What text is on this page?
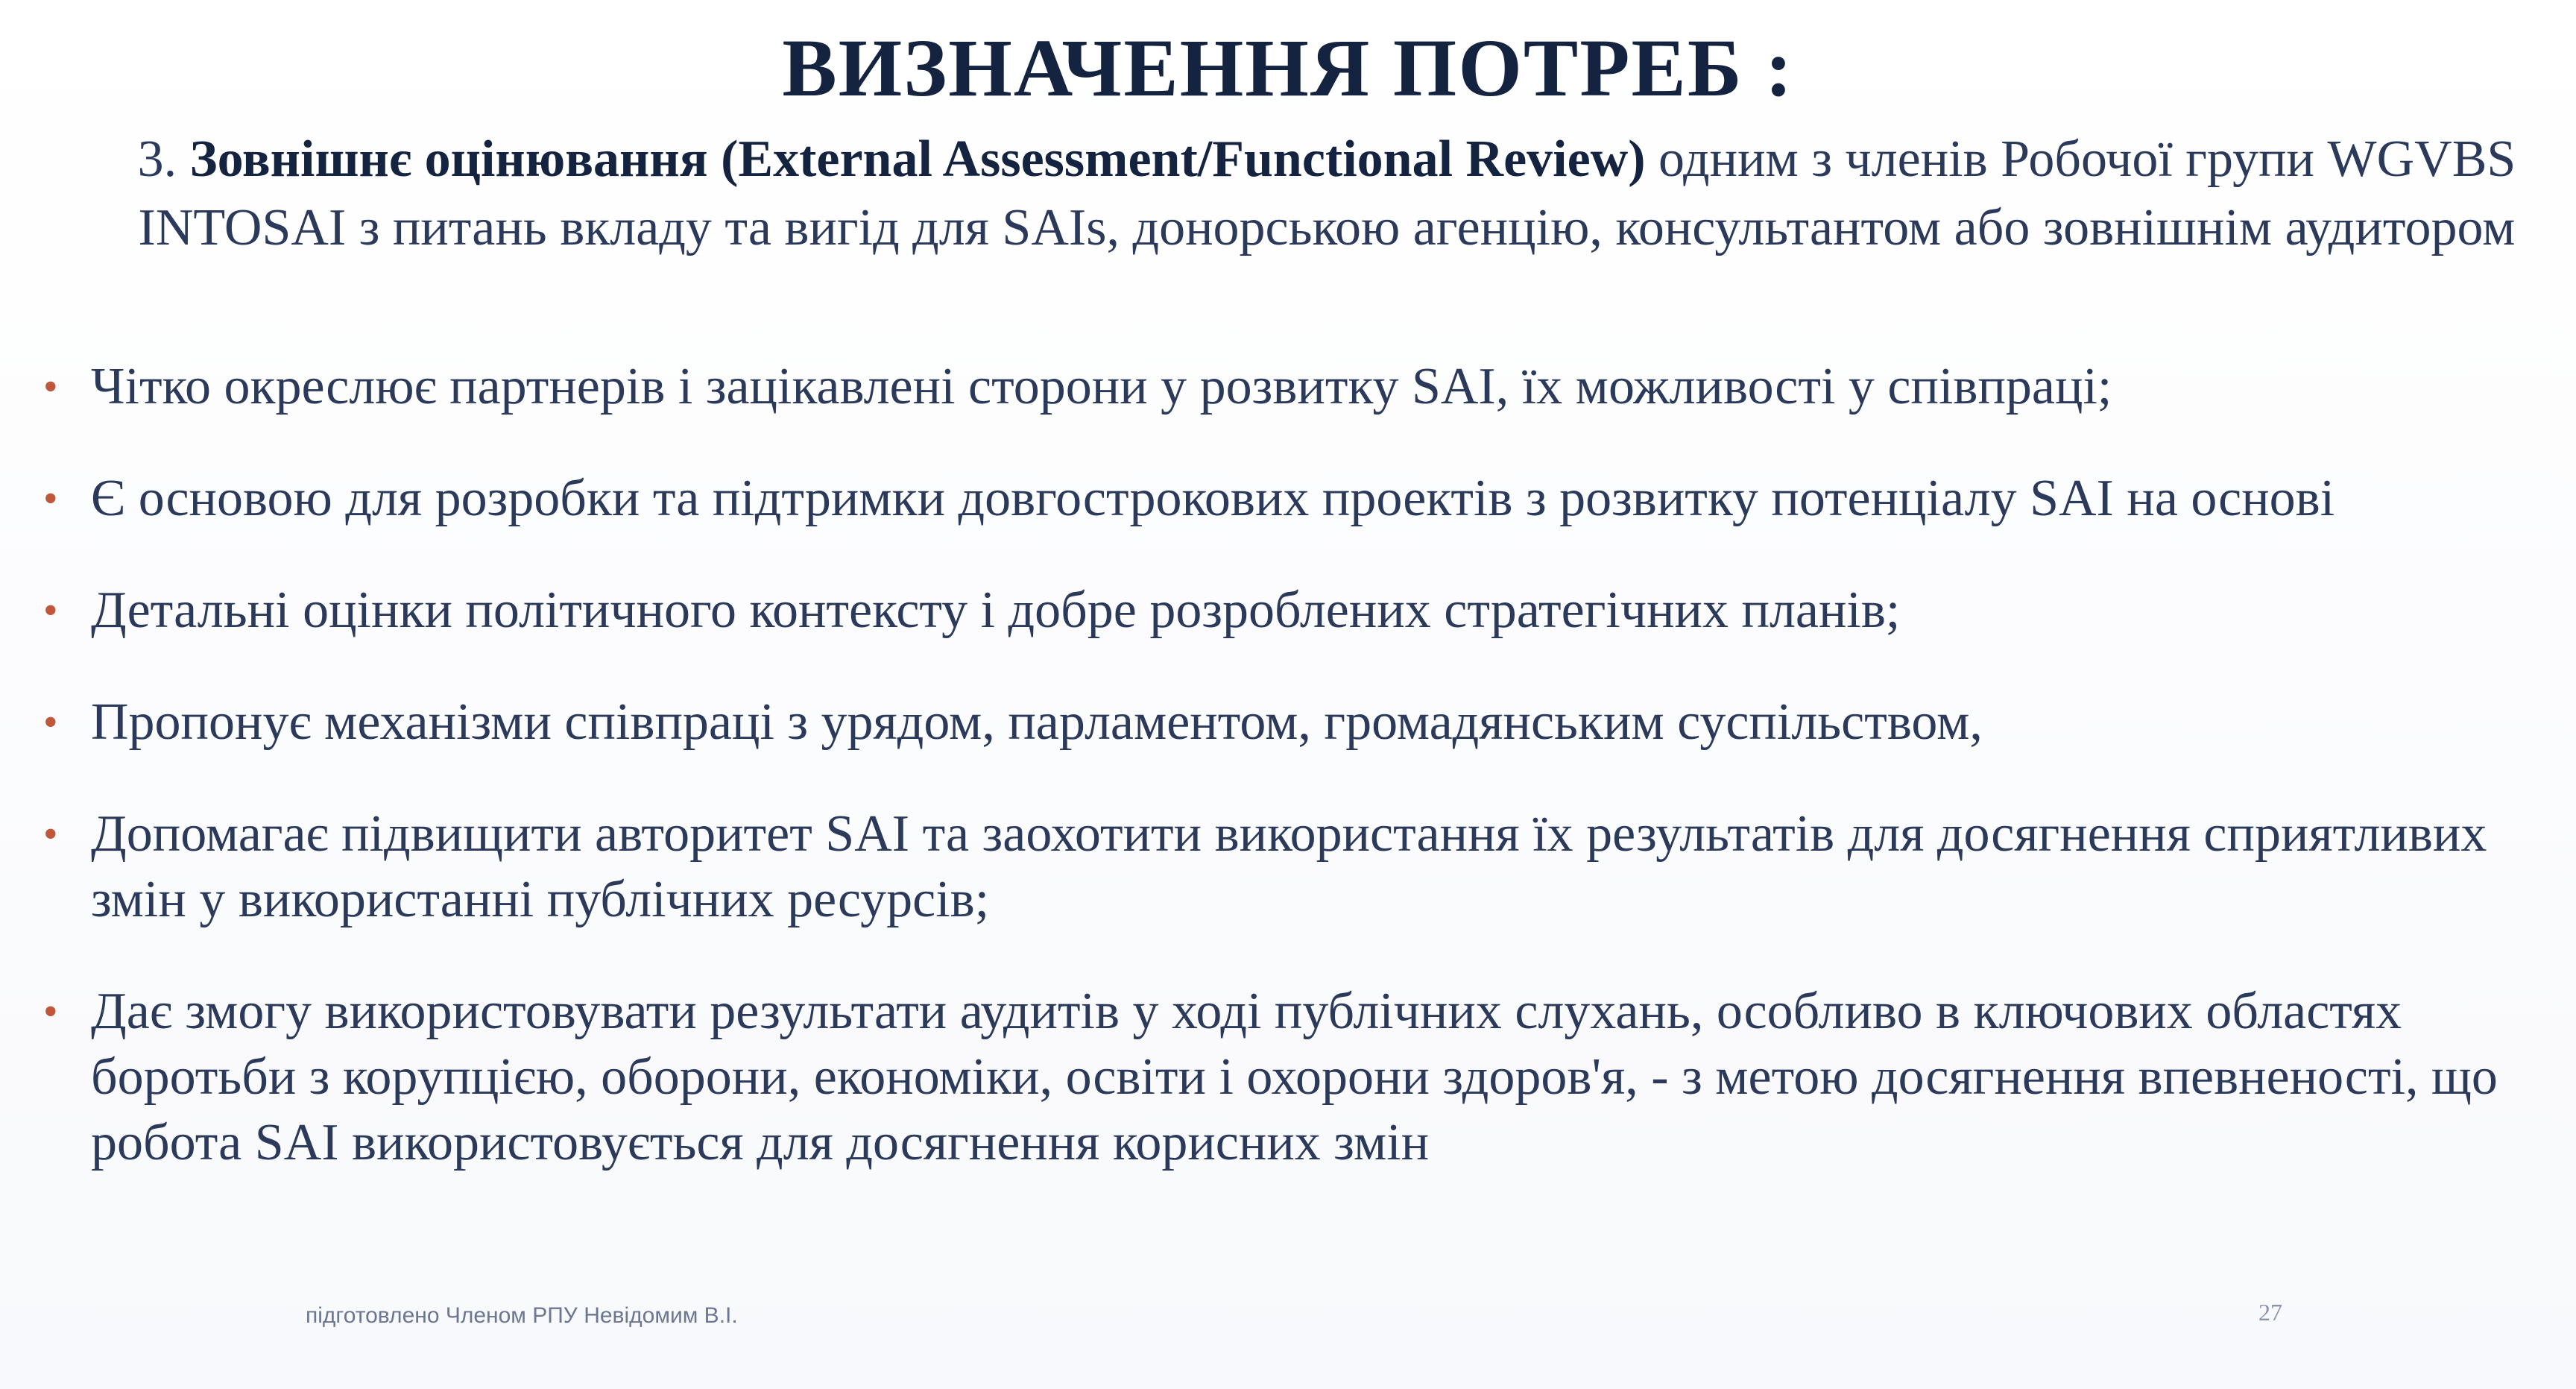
ВИЗНАЧЕННЯ ПОТРЕБ :
3. Зовнішнє оцінювання (External Assessment/Functional Review) одним з членів Робочої групи WGVBS INTOSAI з питань вкладу та вигід для SAIs, донорською агенцію, консультантом або зовнішнім аудитором
• Чітко окреслює партнерів і зацікавлені сторони у розвитку SAI, їх можливості у співпраці;
• Є основою для розробки та підтримки довгострокових проектів з розвитку потенціалу SAI на основі
• Детальні оцінки політичного контексту і добре розроблених стратегічних планів;
• Пропонує механізми співпраці з урядом, парламентом, громадянським суспільством,
• Допомагає підвищити авторитет SAI та заохотити використання їх результатів для досягнення сприятливих змін у використанні публічних ресурсів;
• Дає змогу використовувати результати аудитів у ході публічних слухань, особливо в ключових областях боротьби з корупцією, оборони, економіки, освіти і охорони здоров'я, - з метою досягнення впевненості, що робота SAI використовується для досягнення корисних змін
підготовлено Членом РПУ Невідомим В.І.	27
